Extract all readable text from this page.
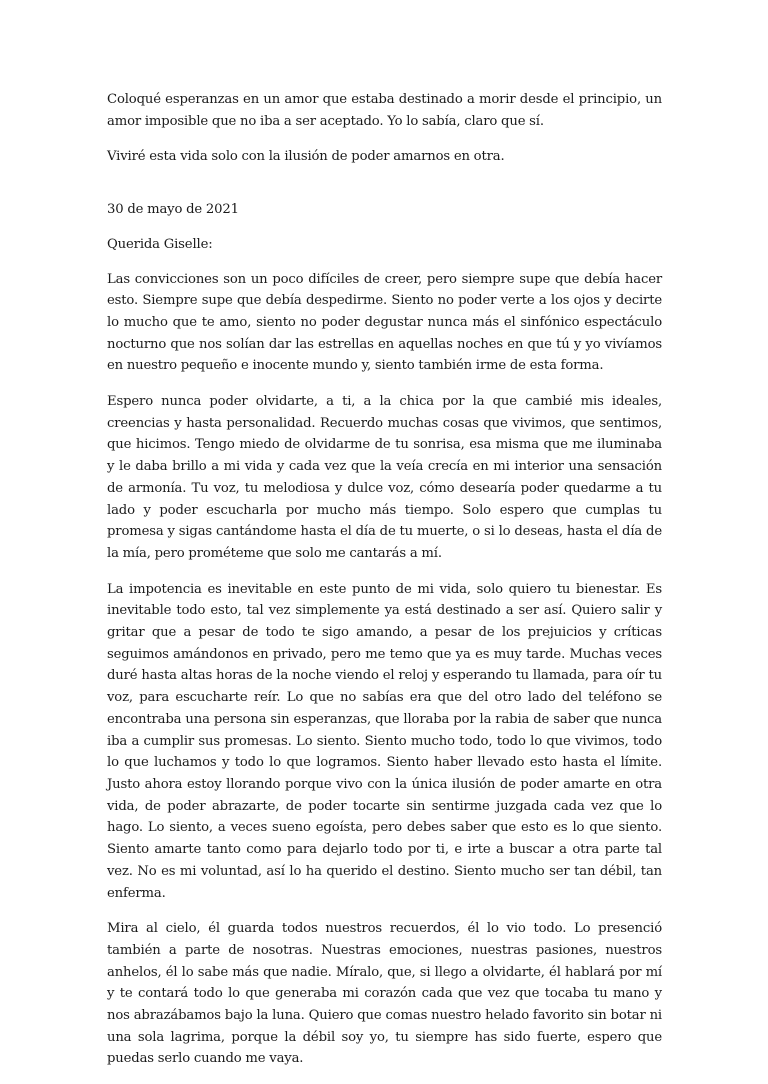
Coloqué esperanzas en un amor que estaba destinado a morir desde el principio, un amor imposible que no iba a ser aceptado. Yo lo sabía, claro que sí.

Viviré esta vida solo con la ilusión de poder amarnos en otra.

30 de mayo de 2021

Querida Giselle:

Las convicciones son un poco difíciles de creer, pero siempre supe que debía hacer esto. Siempre supe que debía despedirme. Siento no poder verte a los ojos y decirte lo mucho que te amo, siento no poder degustar nunca más el sinfónico espectáculo nocturno que nos solían dar las estrellas en aquellas noches en que tú y yo vivíamos en nuestro pequeño e inocente mundo y, siento también irme de esta forma.

Espero nunca poder olvidarte, a ti, a la chica por la que cambié mis ideales, creencias y hasta personalidad. Recuerdo muchas cosas que vivimos, que sentimos, que hicimos. Tengo miedo de olvidarme de tu sonrisa, esa misma que me iluminaba y le daba brillo a mi vida y cada vez que la veía crecía en mi interior una sensación de armonía. Tu voz, tu melodiosa y dulce voz, cómo desearía poder quedarme a tu lado y poder escucharla por mucho más tiempo. Solo espero que cumplas tu promesa y sigas cantándome hasta el día de tu muerte, o si lo deseas, hasta el día de la mía, pero prométeme que solo me cantarás a mí.

La impotencia es inevitable en este punto de mi vida, solo quiero tu bienestar. Es inevitable todo esto, tal vez simplemente ya está destinado a ser así. Quiero salir y gritar que a pesar de todo te sigo amando, a pesar de los prejuicios y críticas seguimos amándonos en privado, pero me temo que ya es muy tarde. Muchas veces duré hasta altas horas de la noche viendo el reloj y esperando tu llamada, para oír tu voz, para escucharte reír. Lo que no sabías era que del otro lado del teléfono se encontraba una persona sin esperanzas, que lloraba por la rabia de saber que nunca iba a cumplir sus promesas. Lo siento. Siento mucho todo, todo lo que vivimos, todo lo que luchamos y todo lo que logramos. Siento haber llevado esto hasta el límite. Justo ahora estoy llorando porque vivo con la única ilusión de poder amarte en otra vida, de poder abrazarte, de poder tocarte sin sentirme juzgada cada vez que lo hago. Lo siento, a veces sueno egoísta, pero debes saber que esto es lo que siento. Siento amarte tanto como para dejarlo todo por ti, e irte a buscar a otra parte tal vez. No es mi voluntad, así lo ha querido el destino. Siento mucho ser tan débil, tan enferma.

Mira al cielo, él guarda todos nuestros recuerdos, él lo vio todo. Lo presenció también a parte de nosotras. Nuestras emociones, nuestras pasiones, nuestros anhelos, él lo sabe más que nadie. Míralo, que, si llego a olvidarte, él hablará por mí y te contará todo lo que generaba mi corazón cada que vez que tocaba tu mano y nos abrazábamos bajo la luna. Quiero que comas nuestro helado favorito sin botar ni una sola lagrima, porque la débil soy yo, tu siempre has sido fuerte, espero que puedas serlo cuando me vaya.
